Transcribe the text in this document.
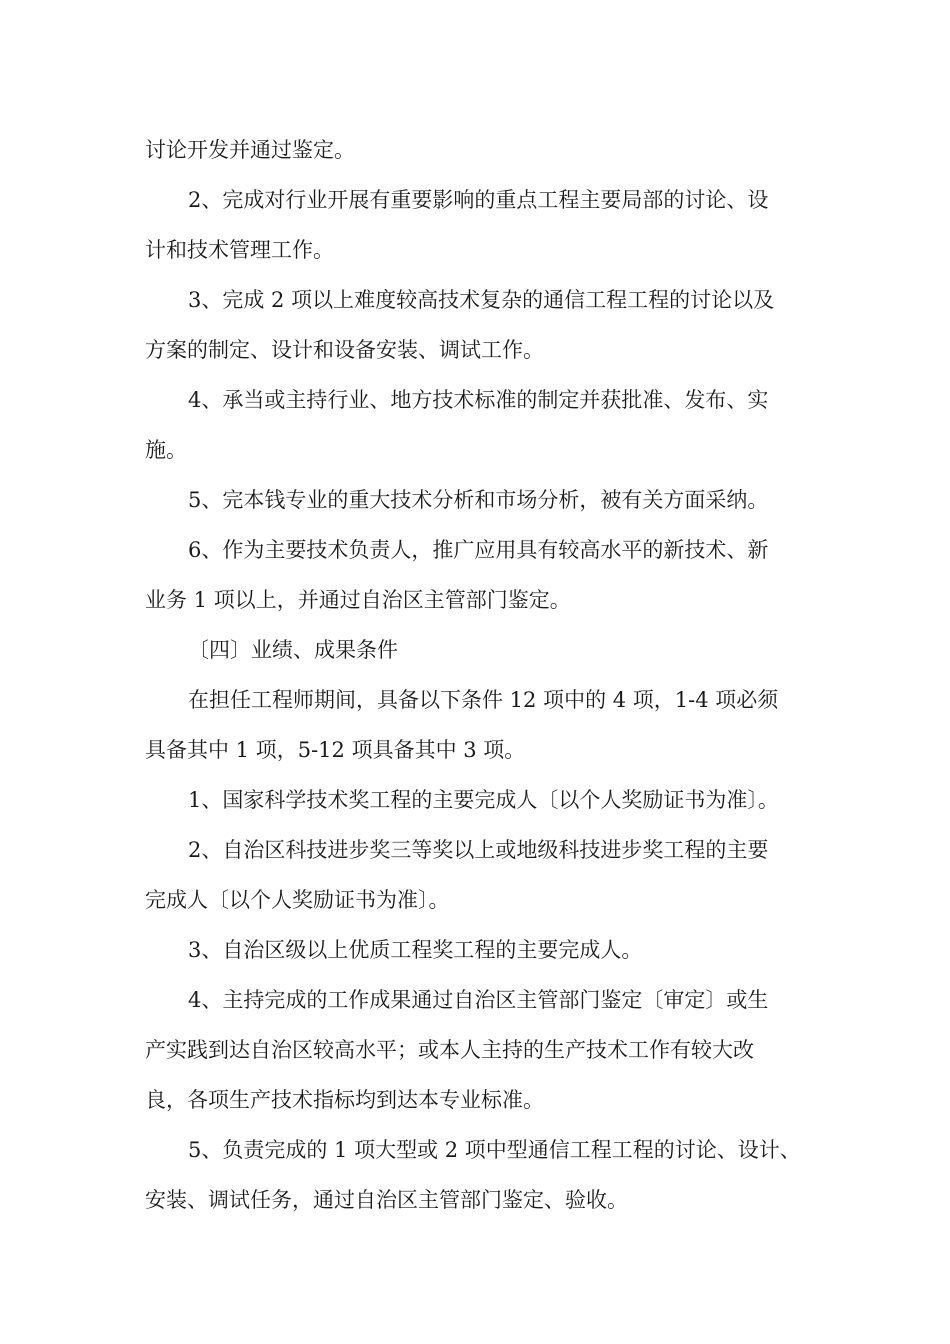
讨论开发并通过鉴定。
2、完成对行业开展有重要影响的重点工程主要局部的讨论、设
计和技术管理工作。
3、完成 2 项以上难度较高技术复杂的通信工程工程的讨论以及
方案的制定、设计和设备安装、调试工作。
4、承当或主持行业、地方技术标准的制定并获批准、发布、实
施。
5、完本钱专业的重大技术分析和市场分析，被有关方面采纳。
6、作为主要技术负责人，推广应用具有较高水平的新技术、新
业务 1 项以上，并通过自治区主管部门鉴定。
〔四〕业绩、成果条件
在担任工程师期间，具备以下条件 12 项中的 4 项，1-4 项必须
具备其中 1 项，5-12 项具备其中 3 项。
1、国家科学技术奖工程的主要完成人〔以个人奖励证书为准〕。
2、自治区科技进步奖三等奖以上或地级科技进步奖工程的主要
完成人〔以个人奖励证书为准〕。
3、自治区级以上优质工程奖工程的主要完成人。
4、主持完成的工作成果通过自治区主管部门鉴定〔审定〕或生
产实践到达自治区较高水平；或本人主持的生产技术工作有较大改
良，各项生产技术指标均到达本专业标准。
5、负责完成的 1 项大型或 2 项中型通信工程工程的讨论、设计、
安装、调试任务，通过自治区主管部门鉴定、验收。
